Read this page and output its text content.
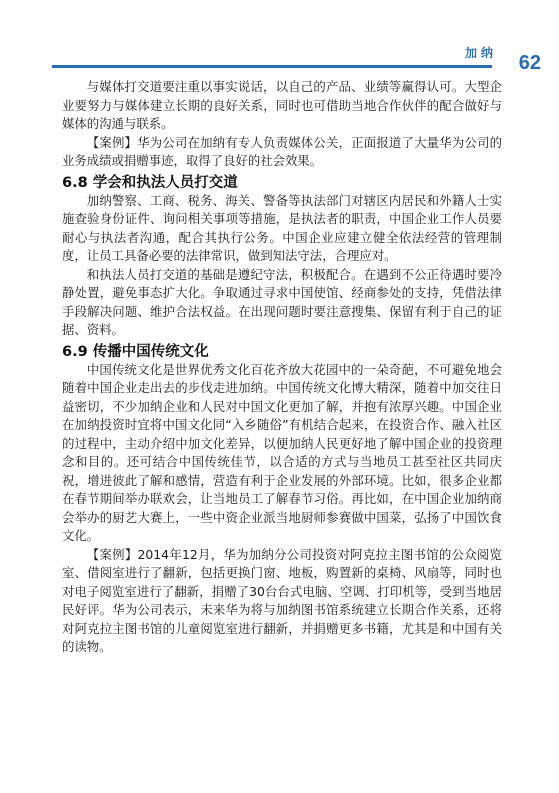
加纳 62

与媒体打交道要注重以事实说话，以自己的产品、业绩等赢得认可。大型企业要努力与媒体建立长期的良好关系，同时也可借助当地合作伙伴的配合做好与媒体的沟通与联系。

【案例】华为公司在加纳有专人负责媒体公关，正面报道了大量华为公司的业务成绩或捐赠事迹，取得了良好的社会效果。

6.8 学会和执法人员打交道

加纳警察、工商、税务、海关、警备等执法部门对辖区内居民和外籍人士实施查验身份证件、询问相关事项等措施，是执法者的职责，中国企业工作人员要耐心与执法者沟通，配合其执行公务。中国企业应建立健全依法经营的管理制度，让员工具备必要的法律常识，做到知法守法，合理应对。

和执法人员打交道的基础是遵纪守法，积极配合。在遇到不公正待遇时要冷静处置，避免事态扩大化。争取通过寻求中国使馆、经商参处的支持，凭借法律手段解决问题、维护合法权益。在出现问题时要注意搜集、保留有利于自己的证据、资料。

6.9 传播中国传统文化

中国传统文化是世界优秀文化百花齐放大花园中的一朵奇葩，不可避免地会随着中国企业走出去的步伐走进加纳。中国传统文化博大精深，随着中加交往日益密切，不少加纳企业和人民对中国文化更加了解，并抱有浓厚兴趣。中国企业在加纳投资时宜将中国文化同“入乡随俗”有机结合起来，在投资合作、融入社区的过程中，主动介绍中加文化差异，以便加纳人民更好地了解中国企业的投资理念和目的。还可结合中国传统佳节，以合适的方式与当地员工甚至社区共同庆祝，增进彼此了解和感情，营造有利于企业发展的外部环境。比如，很多企业都在春节期间举办联欢会，让当地员工了解春节习俗。再比如，在中国企业加纳商会举办的厨艺大赛上，一些中资企业派当地厨师参赛做中国菜，弘扬了中国饮食文化。

【案例】2014年12月，华为加纳分公司投资对阿克拉主图书馆的公众阅览室、借阅室进行了翻新，包括更换门窗、地板，购置新的桌椅、风扇等，同时也对电子阅览室进行了翻新，捐赠了30台台式电脑、空调、打印机等，受到当地居民好评。华为公司表示，未来华为将与加纳图书馆系统建立长期合作关系，还将对阿克拉主图书馆的儿童阅览室进行翻新，并捐赠更多书籍，尤其是和中国有关的读物。
